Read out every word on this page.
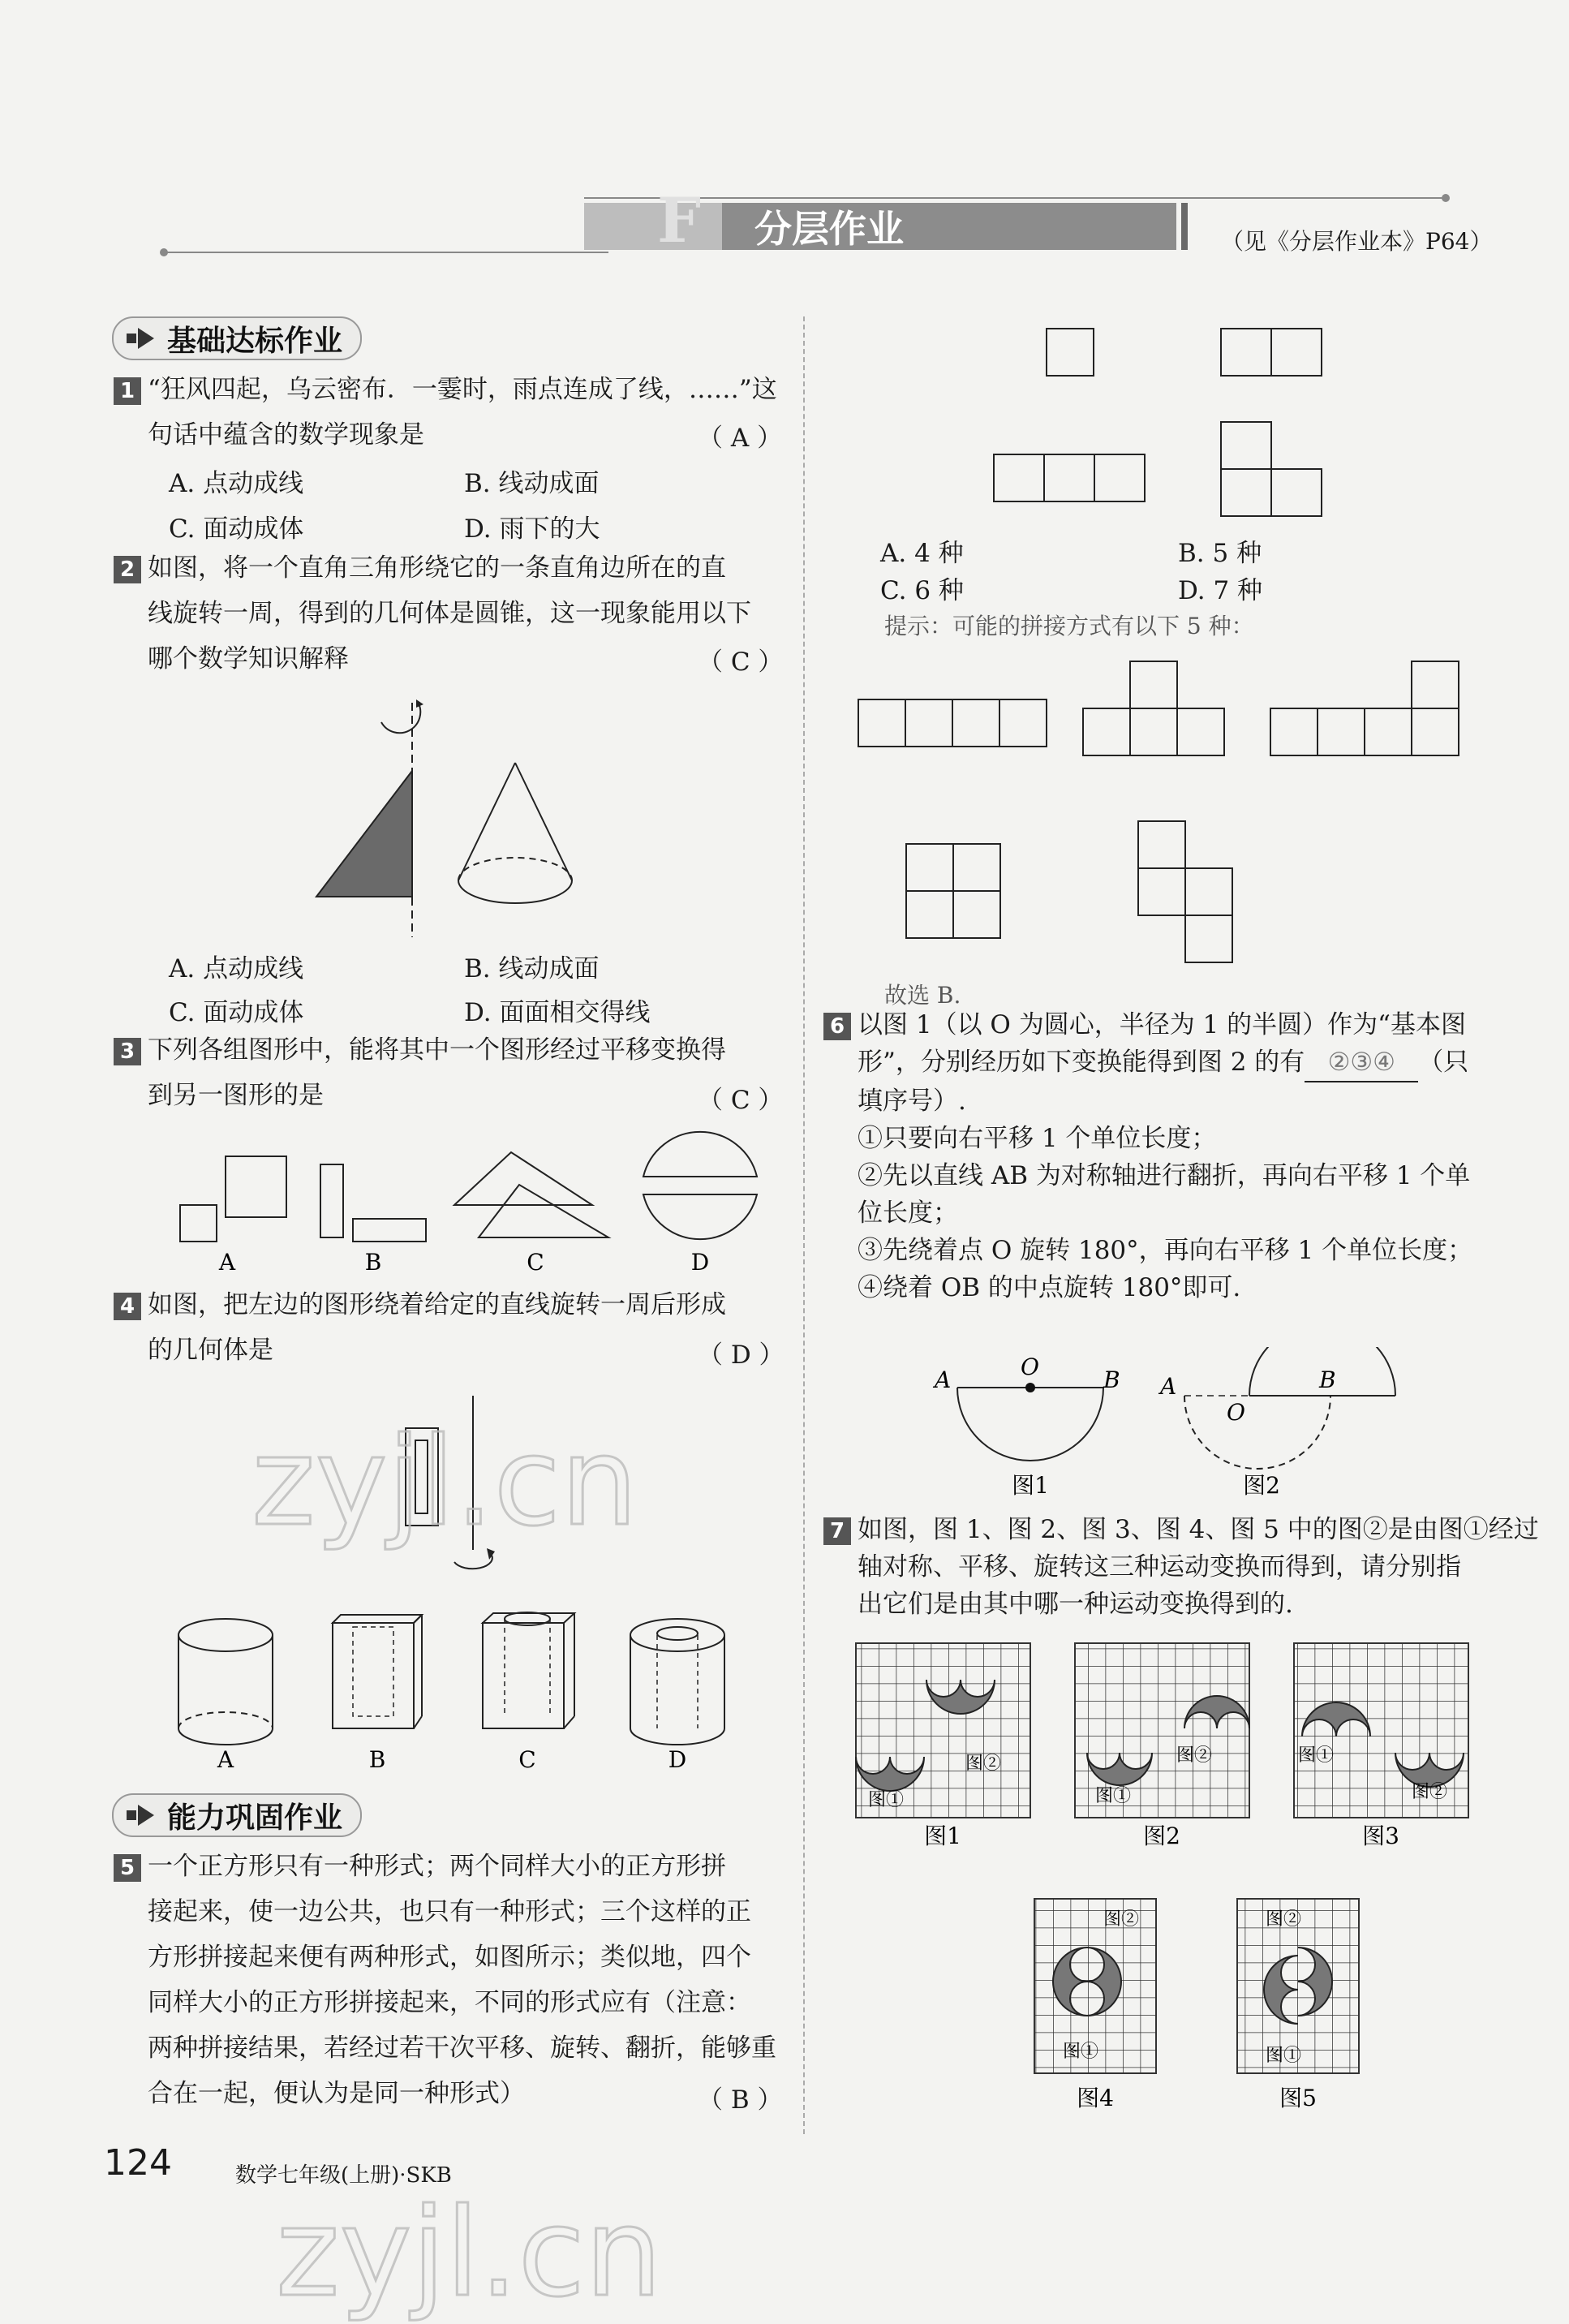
F 分层作业	（见《分层作业本》P64）
基础达标作业
1 “狂风四起，乌云密布．一霎时，雨点连成了线，……”这
句话中蕴含的数学现象是	（ A ）
A. 点动成线	B. 线动成面
C. 面动成体	D. 雨下的大
2 如图，将一个直角三角形绕它的一条直角边所在的直
线旋转一周，得到的几何体是圆锥，这一现象能用以下
哪个数学知识解释	（ C ）
A. 点动成线	B. 线动成面
C. 面动成体	D. 面面相交得线
3 下列各组图形中，能将其中一个图形经过平移变换得
到另一图形的是	（ C ）
A	B	C	D
4 如图，把左边的图形绕着给定的直线旋转一周后形成
的几何体是	（ D ）
A	B	C	D
能力巩固作业
5 一个正方形只有一种形式；两个同样大小的正方形拼
接起来，使一边公共，也只有一种形式；三个这样的正
方形拼接起来便有两种形式，如图所示；类似地，四个
同样大小的正方形拼接起来，不同的形式应有（注意：
两种拼接结果，若经过若干次平移、旋转、翻折，能够重
合在一起，便认为是同一种形式）	（ B ）
124	数学七年级(上册)·SKB
zyjl.cn
zyjl.cn
A. 4 种	B. 5 种
C. 6 种	D. 7 种
提示：可能的拼接方式有以下 5 种：
故选 B.
6 以图 1（以 O 为圆心，半径为 1 的半圆）作为“基本图
形”，分别经历如下变换能得到图 2 的有 ②③④ （只
填序号）.
①只要向右平移 1 个单位长度；
②先以直线 AB 为对称轴进行翻折，再向右平移 1 个单
位长度；
③先绕着点 O 旋转 180°，再向右平移 1 个单位长度；
④绕着 OB 的中点旋转 180°即可.
A	O	B A
O
B
图1	图2
7 如图，图 1、图 2、图 3、图 4、图 5 中的图②是由图①经过
轴对称、平移、旋转这三种运动变换而得到，请分别指
出它们是由其中哪一种运动变换得到的.
图②
图①
图1
图②
图①
图2
图①
图②
图3
图②
图①
图4
图②
图①
图5
